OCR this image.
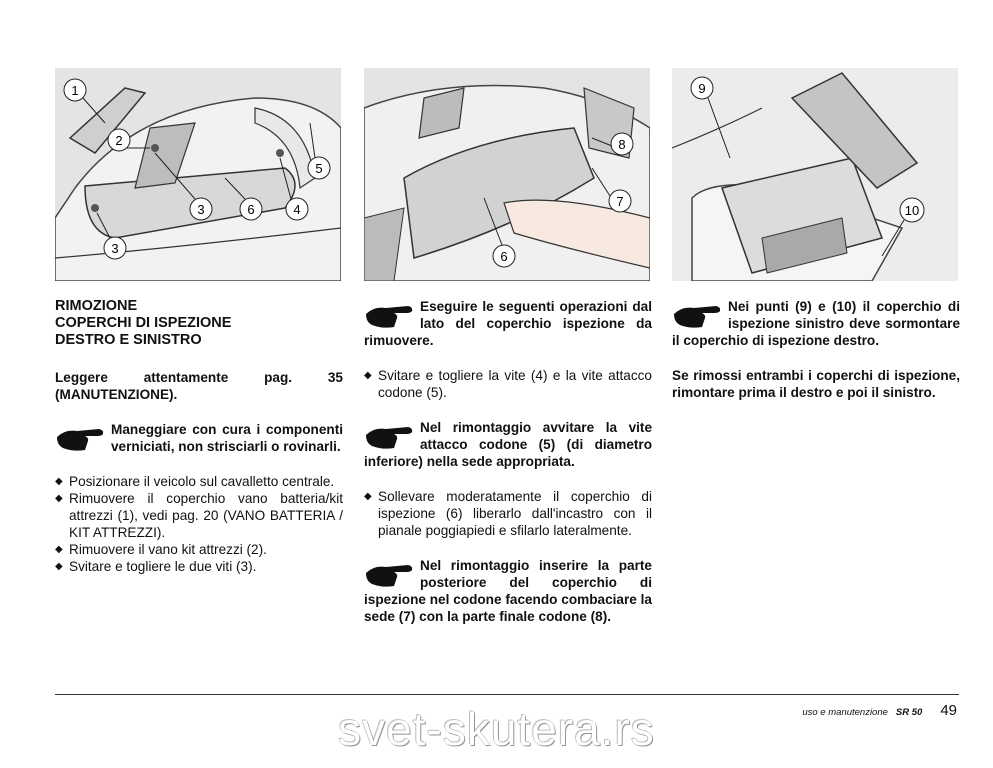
1
2
3	6	4
5
3
8
7
6
9
10
RIMOZIONE
COPERCHI DI ISPEZIONE
DESTRO E SINISTRO
Leggere attentamente pag. 35 (MANUTENZIONE).
Maneggiare con cura i componenti verniciati, non strisciarli o rovinarli.
◆ Posizionare il veicolo sul cavalletto centrale.
◆ Rimuovere il coperchio vano batteria/kit attrezzi (1), vedi pag. 20 (VANO BATTERIA / KIT ATTREZZI).
◆ Rimuovere il vano kit attrezzi (2).
◆ Svitare e togliere le due viti (3).
Eseguire le seguenti operazioni dal lato del coperchio ispezione da rimuovere.
◆ Svitare e togliere la vite (4) e la vite attacco codone (5).
Nel rimontaggio avvitare la vite attacco codone (5) (di diametro inferiore) nella sede appropriata.
◆ Sollevare moderatamente il coperchio di ispezione (6) liberarlo dall'incastro con il pianale poggiapiedi e sfilarlo lateralmente.
Nel rimontaggio inserire la parte posteriore del coperchio di ispezione nel codone facendo combaciare la sede (7) con la parte finale codone (8).
Nei punti (9) e (10) il coperchio di ispezione sinistro deve sormontare il coperchio di ispezione destro.
Se rimossi entrambi i coperchi di ispezione, rimontare prima il destro e poi il sinistro.
uso e manutenzione SR 50 49
svet-skutera.rs
